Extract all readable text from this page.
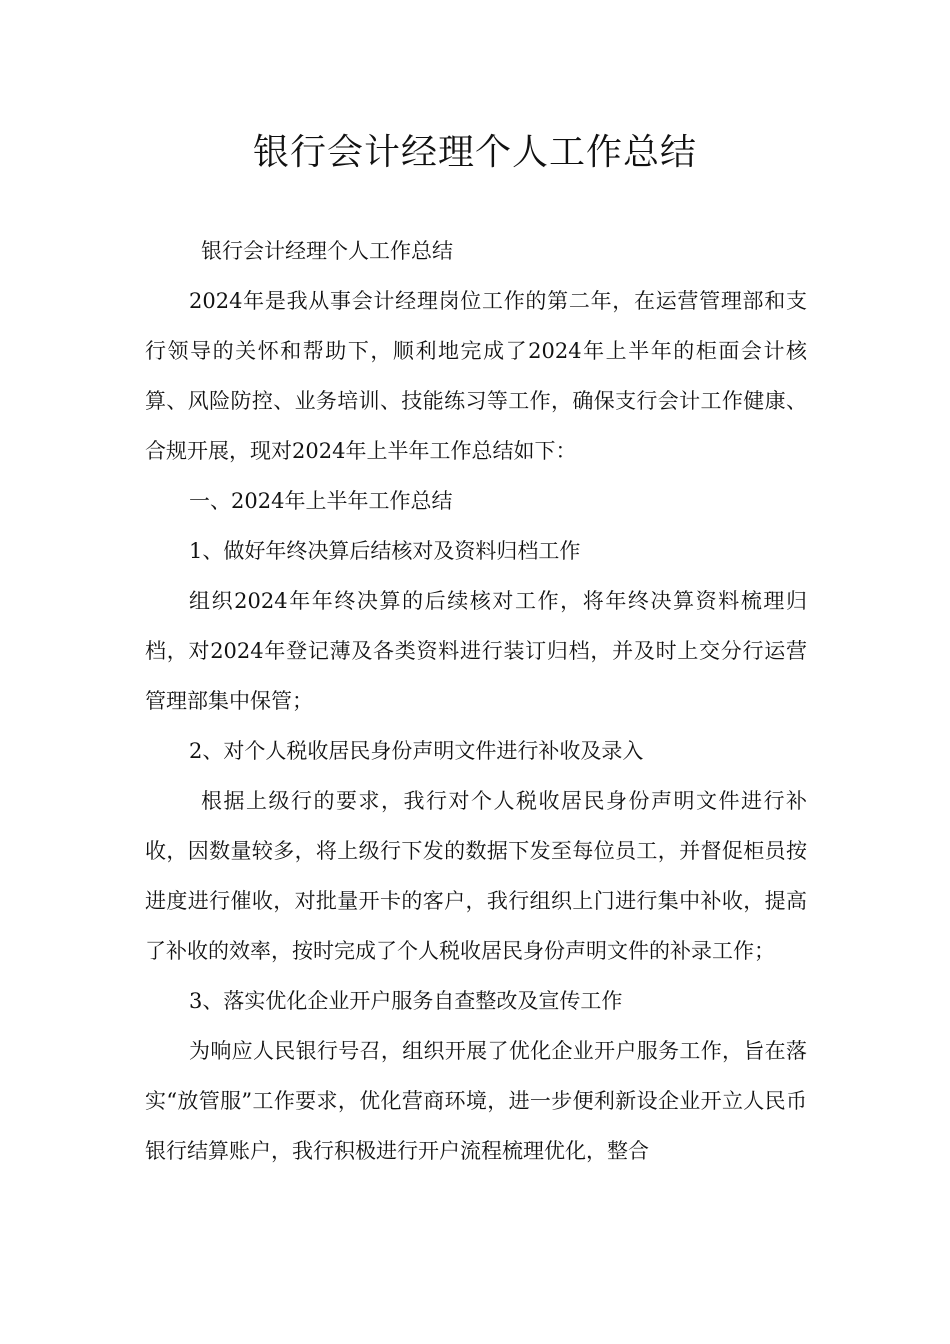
银行会计经理个人工作总结

银行会计经理个人工作总结

2024年是我从事会计经理岗位工作的第二年，在运营管理部和支行领导的关怀和帮助下，顺利地完成了2024年上半年的柜面会计核算、风险防控、业务培训、技能练习等工作，确保支行会计工作健康、合规开展，现对2024年上半年工作总结如下：

一、2024年上半年工作总结

1、做好年终决算后结核对及资料归档工作

组织2024年年终决算的后续核对工作，将年终决算资料梳理归档，对2024年登记薄及各类资料进行装订归档，并及时上交分行运营管理部集中保管；

2、对个人税收居民身份声明文件进行补收及录入

根据上级行的要求，我行对个人税收居民身份声明文件进行补收，因数量较多，将上级行下发的数据下发至每位员工，并督促柜员按进度进行催收，对批量开卡的客户，我行组织上门进行集中补收，提高了补收的效率，按时完成了个人税收居民身份声明文件的补录工作；

3、落实优化企业开户服务自查整改及宣传工作

为响应人民银行号召，组织开展了优化企业开户服务工作，旨在落实“放管服”工作要求，优化营商环境，进一步便利新设企业开立人民币银行结算账户，我行积极进行开户流程梳理优化，整合
